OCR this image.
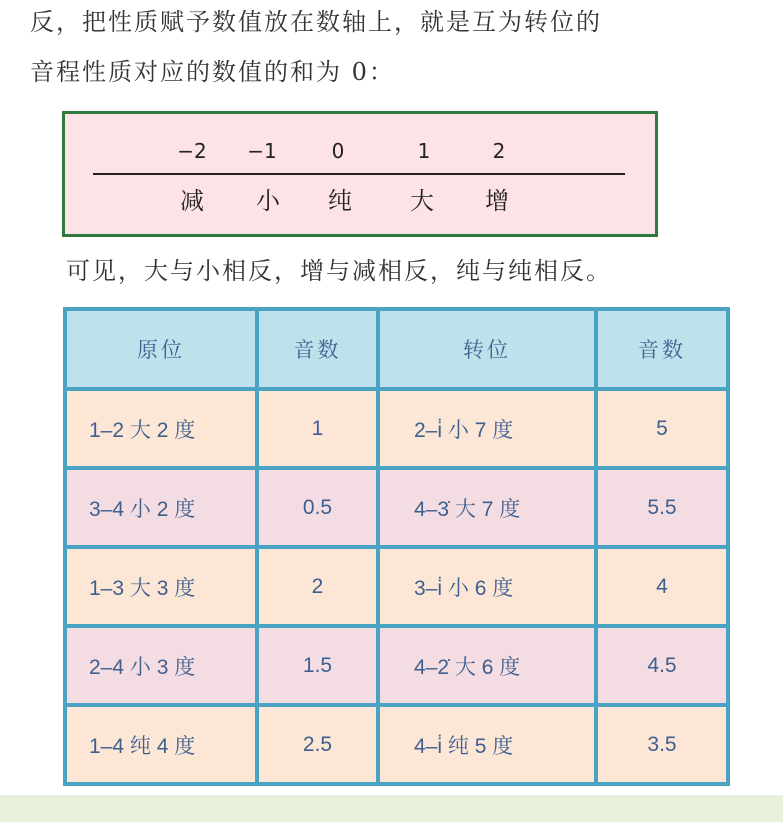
反，把性质赋予数值放在数轴上，就是互为转位的
音程性质对应的数值的和为 0：
−2 −1	0	1	2
减 小 纯 大 增
可见，大与小相反，增与减相反，纯与纯相反。
原位	音数	转位	音数
1–2 大 2 度	1	2–i̇ 小 7 度	5
3–4 小 2 度	0.5	4–3̇ 大 7 度	5.5
1–3 大 3 度	2	3–i̇ 小 6 度	4
2–4 小 3 度	1.5	4–2̇ 大 6 度	4.5
1–4 纯 4 度	2.5	4–i̇ 纯 5 度	3.5
